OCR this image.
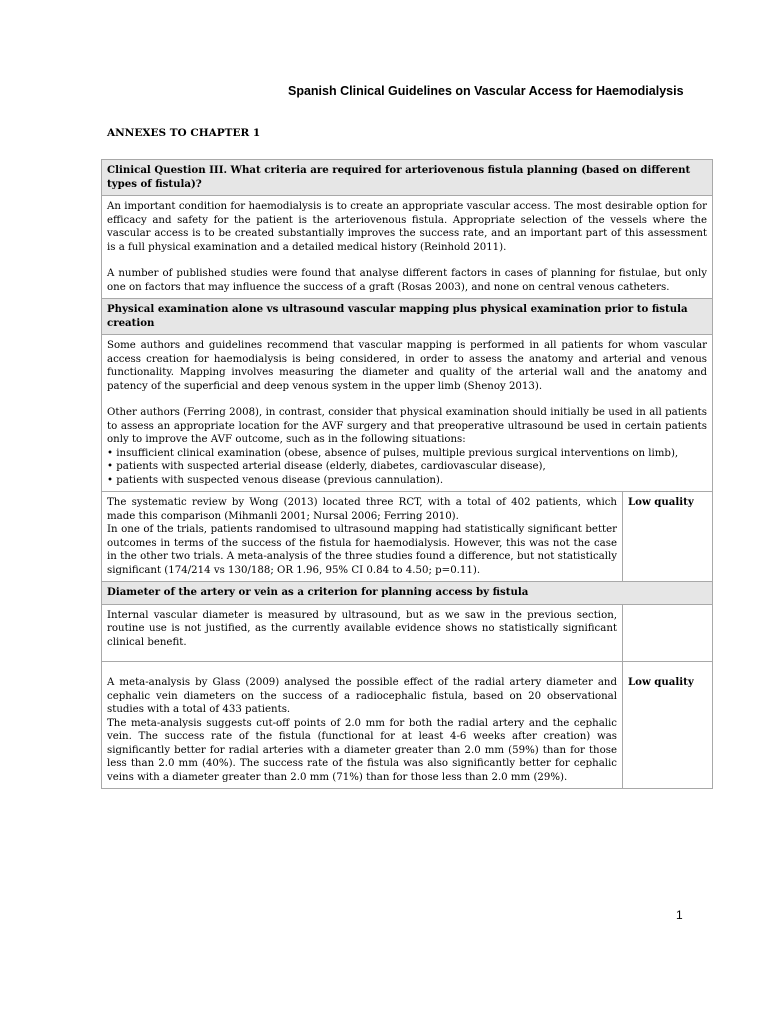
Spanish Clinical Guidelines on Vascular Access for Haemodialysis
ANNEXES TO CHAPTER 1
Clinical Question III. What criteria are required for arteriovenous fistula planning (based on different types of fistula)?	

An important condition for haemodialysis is to create an appropriate vascular access. The most desirable option for efficacy and safety for the patient is the arteriovenous fistula. Appropriate selection of the vessels where the vascular access is to be created substantially improves the success rate, and an important part of this assessment is a full physical examination and a detailed medical history (Reinhold 2011).

A number of published studies were found that analyse different factors in cases of planning for fistulae, but only one on factors that may influence the success of a graft (Rosas 2003), and none on central venous catheters.	

Physical examination alone vs ultrasound vascular mapping plus physical examination prior to fistula creation	

Some authors and guidelines recommend that vascular mapping is performed in all patients for whom vascular access creation for haemodialysis is being considered, in order to assess the anatomy and arterial and venous functionality. Mapping involves measuring the diameter and quality of the arterial wall and the anatomy and patency of the superficial and deep venous system in the upper limb (Shenoy 2013).

Other authors (Ferring 2008), in contrast, consider that physical examination should initially be used in all patients to assess an appropriate location for the AVF surgery and that preoperative ultrasound be used in certain patients only to improve the AVF outcome, such as in the following situations:

• insufficient clinical examination (obese, absence of pulses, multiple previous surgical interventions on limb),
• patients with suspected arterial disease (elderly, diabetes, cardiovascular disease),
• patients with suspected venous disease (previous cannulation).	

The systematic review by Wong (2013) located three RCT, with a total of 402 patients, which made this comparison (Mihmanli 2001; Nursal 2006; Ferring 2010).

In one of the trials, patients randomised to ultrasound mapping had statistically significant better outcomes in terms of the success of the fistula for haemodialysis. However, this was not the case in the other two trials. A meta-analysis of the three studies found a difference, but not statistically significant (174/214 vs 130/188; OR 1.96, 95% CI 0.84 to 4.50; p=0.11).	Low quality
Diameter of the artery or vein as a criterion for planning access by fistula	

Internal vascular diameter is measured by ultrasound, but as we saw in the previous section, routine use is not justified, as the currently available evidence shows no statistically significant clinical benefit.	

A meta-analysis by Glass (2009) analysed the possible effect of the radial artery diameter and cephalic vein diameters on the success of a radiocephalic fistula, based on 20 observational studies with a total of 433 patients.

The meta-analysis suggests cut-off points of 2.0 mm for both the radial artery and the cephalic vein. The success rate of the fistula (functional for at least 4-6 weeks after creation) was significantly better for radial arteries with a diameter greater than 2.0 mm (59%) than for those less than 2.0 mm (40%). The success rate of the fistula was also significantly better for cephalic veins with a diameter greater than 2.0 mm (71%) than for those less than 2.0 mm (29%).	Low quality
1
